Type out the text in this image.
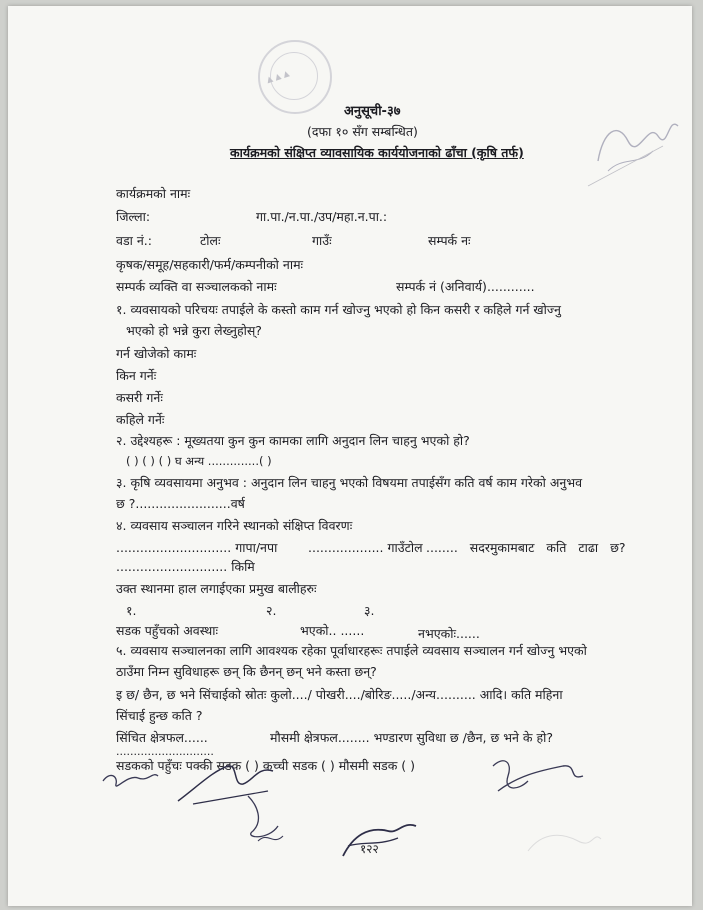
▲ ▲ ▲
अनुसूची-३७
(दफा १० सँग सम्बन्धित)
कार्यक्रमको संक्षिप्त व्यावसायिक कार्ययोजनाको ढाँचा (कृषि तर्फ)
कार्यक्रमको नामः
जिल्ला:	गा.पा./न.पा./उप/महा.न.पा.:
वडा नं.:	टोलः	गाउँः	सम्पर्क नः
कृषक/समूह/सहकारी/फर्म/कम्पनीको नामः
सम्पर्क व्यक्ति वा सञ्चालकको नामः	सम्पर्क नं (अनिवार्य)............
१. व्यवसायको परिचयः तपाईले के कस्तो काम गर्न खोज्नु भएको हो किन कसरी र कहिले गर्न खोज्नु
भएको हो भन्ने कुरा लेख्नुहोस्?
गर्न खोजेको कामः
किन गर्नेः
कसरी गर्नेः
कहिले गर्नेः
२. उद्देश्यहरू : मूख्यतया कुन कुन कामका लागि अनुदान लिन चाहनु भएको हो?
( ) ( ) ( ) घ अन्य ..............( )
३. कृषि व्यवसायमा अनुभव : अनुदान लिन चाहनु भएको विषयमा तपाईसँग कति वर्ष काम गरेको अनुभव
छ ?........................वर्ष
४. व्यवसाय सञ्चालन गरिने स्थानको संक्षिप्त विवरणः
............................. गापा/नपा ................... गाउँटोल ........ सदरमुकामबाट कति टाढा छ?
............................ किमि
उक्त स्थानमा हाल लगाईएका प्रमुख बालीहरुः
१.	२.	३.
सडक पहुँचको अवस्थाः	भएको.. ......	नभएकोः......
५. व्यवसाय सञ्चालनका लागि आवश्यक रहेका पूर्वाधारहरूः तपाईले व्यवसाय सञ्चालन गर्न खोज्नु भएको
ठाउँमा निम्न सुविधाहरू छन् कि छैनन् छन् भने कस्ता छन्?
इ छ/ छैन, छ भने सिंचाईको स्रोतः कुलो..../ पोखरी..../बोरिङ...../अन्य.......... आदि। कति महिना
सिंचाई हुन्छ कति ?
सिंचित क्षेत्रफल......	मौसमी क्षेत्रफल........ भण्डारण सुविधा छ /छैन, छ भने के हो?
............................
सडकको पहुँचः पक्की सडक ( ) कच्ची सडक ( ) मौसमी सडक ( )
१२२
